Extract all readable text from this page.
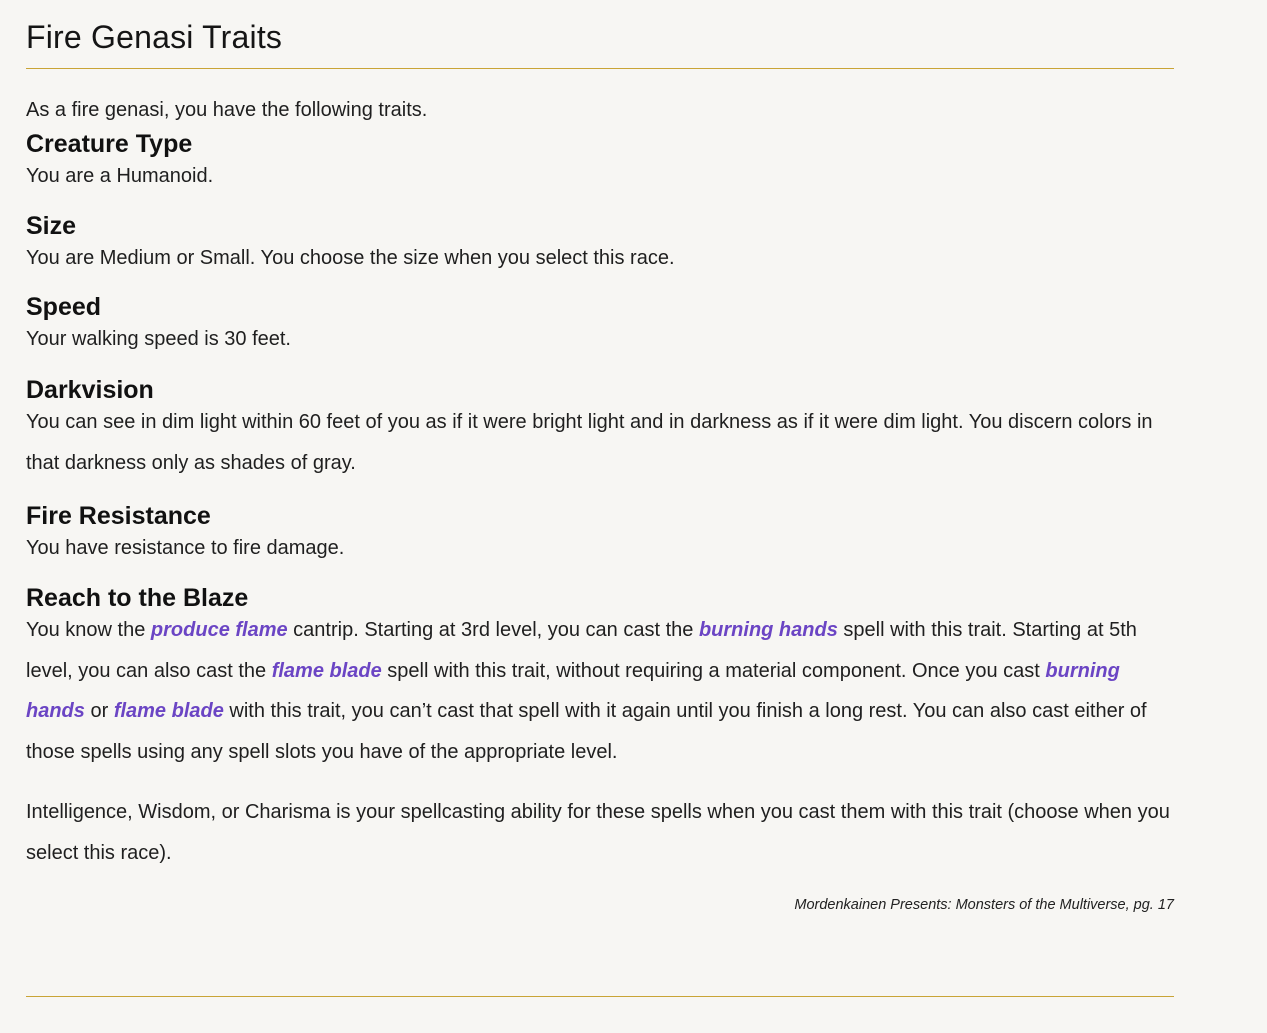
Fire Genasi Traits

As a fire genasi, you have the following traits.

Creature Type

You are a Humanoid.

Size

You are Medium or Small. You choose the size when you select this race.

Speed

Your walking speed is 30 feet.

Darkvision

You can see in dim light within 60 feet of you as if it were bright light and in darkness as if it were dim light. You discern colors in that darkness only as shades of gray.

Fire Resistance

You have resistance to fire damage.

Reach to the Blaze

You know the produce flame cantrip. Starting at 3rd level, you can cast the burning hands spell with this trait. Starting at 5th level, you can also cast the flame blade spell with this trait, without requiring a material component. Once you cast burning hands or flame blade with this trait, you can’t cast that spell with it again until you finish a long rest. You can also cast either of those spells using any spell slots you have of the appropriate level.

Intelligence, Wisdom, or Charisma is your spellcasting ability for these spells when you cast them with this trait (choose when you select this race).

Mordenkainen Presents: Monsters of the Multiverse, pg. 17
